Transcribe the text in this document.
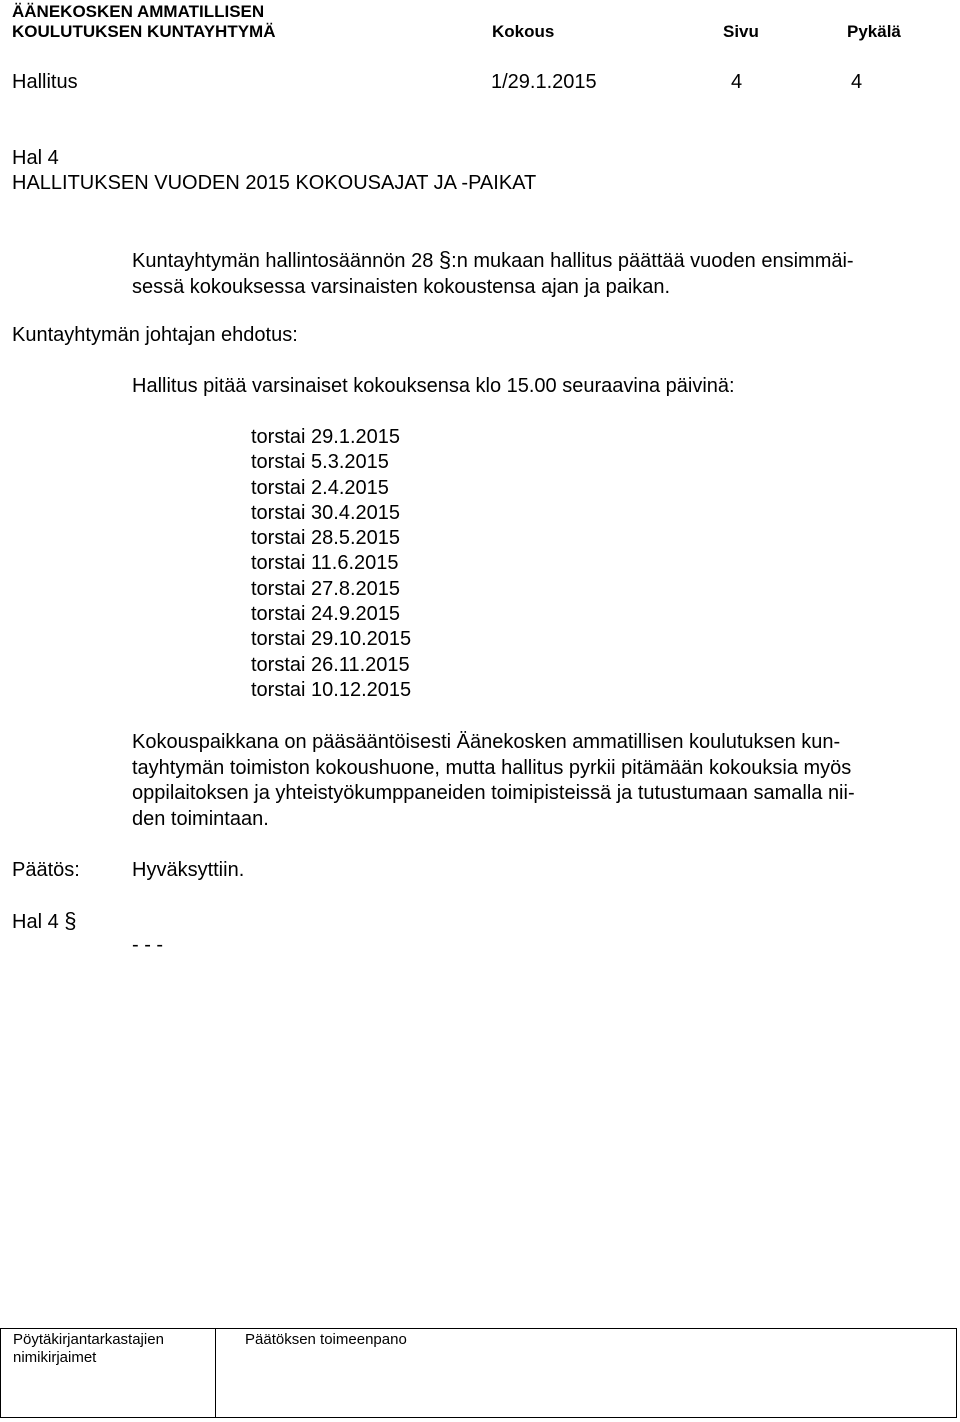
ÄÄNEKOSKEN AMMATILLISEN
KOULUTUKSEN KUNTAYHTYMÄ	Kokous	Sivu	Pykälä
Hallitus	1/29.1.2015	4	4
Hal 4
HALLITUKSEN VUODEN 2015 KOKOUSAJAT JA -PAIKAT
Kuntayhtymän hallintosäännön 28 §:n mukaan hallitus päättää vuoden ensimmäi-
sessä kokouksessa varsinaisten kokoustensa ajan ja paikan.
Kuntayhtymän johtajan ehdotus:
Hallitus pitää varsinaiset kokouksensa klo 15.00 seuraavina päivinä:
torstai 29.1.2015
torstai 5.3.2015
torstai 2.4.2015
torstai 30.4.2015
torstai 28.5.2015
torstai 11.6.2015
torstai 27.8.2015
torstai 24.9.2015
torstai 29.10.2015
torstai 26.11.2015
torstai 10.12.2015
Kokouspaikkana on pääsääntöisesti Äänekosken ammatillisen koulutuksen kun-
tayhtymän toimiston kokoushuone, mutta hallitus pyrkii pitämään kokouksia myös
oppilaitoksen ja yhteistyökumppaneiden toimipisteissä ja tutustumaan samalla nii-
den toimintaan.
Päätös:	Hyväksyttiin.
Hal 4 §
- - -
Pöytäkirjantarkastajien
nimikirjaimet
Päätöksen toimeenpano
